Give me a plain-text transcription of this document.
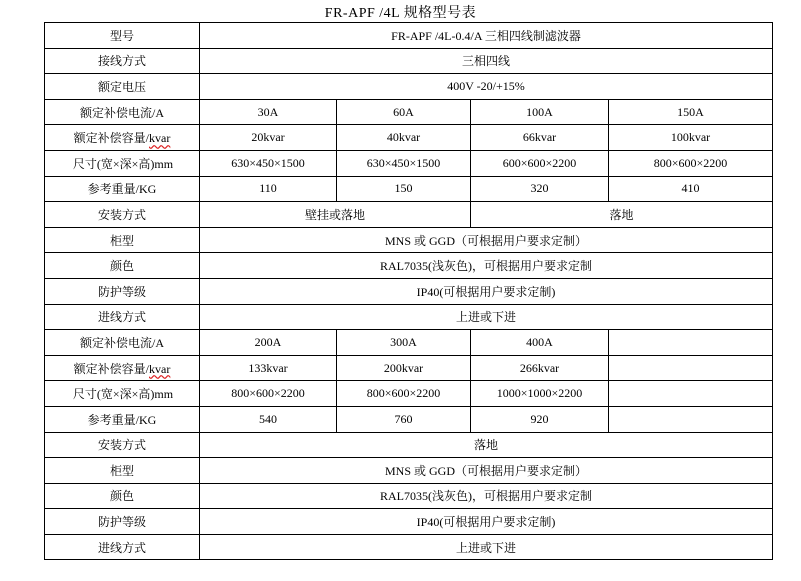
FR-APF /4L 规格型号表
型号	FR-APF /4L-0.4/A 三相四线制滤波器			
接线方式	三相四线			
额定电压	400V -20/+15%			
额定补偿电流/A	30A	60A	100A	150A
额定补偿容量/kvar	20kvar	40kvar	66kvar	100kvar
尺寸(宽×深×高)mm	630×450×1500	630×450×1500	600×600×2200	800×600×2200
参考重量/KG	110	150	320	410
安装方式	壁挂或落地		落地	
柜型	MNS 或 GGD（可根据用户要求定制）			
颜色	RAL7035(浅灰色)，可根据用户要求定制			
防护等级	IP40(可根据用户要求定制)			
进线方式	上进或下进			
额定补偿电流/A	200A	300A	400A	
额定补偿容量/kvar	133kvar	200kvar	266kvar	
尺寸(宽×深×高)mm	800×600×2200	800×600×2200	1000×1000×2200	
参考重量/KG	540	760	920	
安装方式	落地			
柜型	MNS 或 GGD（可根据用户要求定制）			
颜色	RAL7035(浅灰色)，可根据用户要求定制			
防护等级	IP40(可根据用户要求定制)			
进线方式	上进或下进			
